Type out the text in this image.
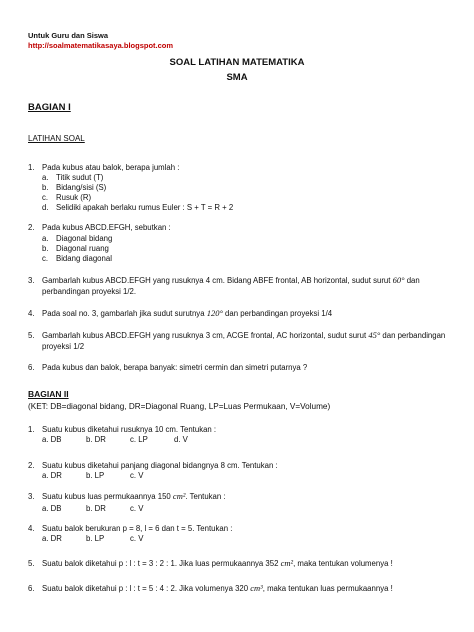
Untuk Guru dan Siswa
http://soalmatematikasaya.blogspot.com
SOAL LATIHAN MATEMATIKA
SMA
BAGIAN I
LATIHAN SOAL
1. Pada kubus atau balok, berapa jumlah :
a. Titik sudut (T)
b. Bidang/sisi (S)
c. Rusuk (R)
d. Selidiki apakah berlaku rumus Euler : S + T = R + 2
2. Pada kubus ABCD.EFGH, sebutkan :
a. Diagonal bidang
b. Diagonal ruang
c. Bidang diagonal
3. Gambarlah kubus ABCD.EFGH yang rusuknya 4 cm. Bidang ABFE frontal, AB horizontal, sudut surut 60° dan
perbandingan proyeksi 1/2.
4. Pada soal no. 3, gambarlah jika sudut surutnya 120° dan perbandingan proyeksi 1/4
5. Gambarlah kubus ABCD.EFGH yang rusuknya 3 cm, ACGE frontal, AC horizontal, sudut surut 45° dan perbandingan
proyeksi 1/2
6. Pada kubus dan balok, berapa banyak: simetri cermin dan simetri putarnya ?
BAGIAN II
(KET: DB=diagonal bidang, DR=Diagonal Ruang, LP=Luas Permukaan, V=Volume)
1. Suatu kubus diketahui rusuknya 10 cm. Tentukan :
a. DB	b. DR	c. LP	d. V
2. Suatu kubus diketahui panjang diagonal bidangnya 8 cm. Tentukan :
a. DR	b. LP	c. V
3. Suatu kubus luas permukaannya 150 cm². Tentukan :
a. DB	b. DR	c. V
4. Suatu balok berukuran p = 8, l = 6 dan t = 5. Tentukan :
a. DR	b. LP	c. V
5. Suatu balok diketahui p : l : t = 3 : 2 : 1. Jika luas permukaannya 352 cm², maka tentukan volumenya !
6. Suatu balok diketahui p : l : t = 5 : 4 : 2. Jika volumenya 320 cm³, maka tentukan luas permukaannya !
